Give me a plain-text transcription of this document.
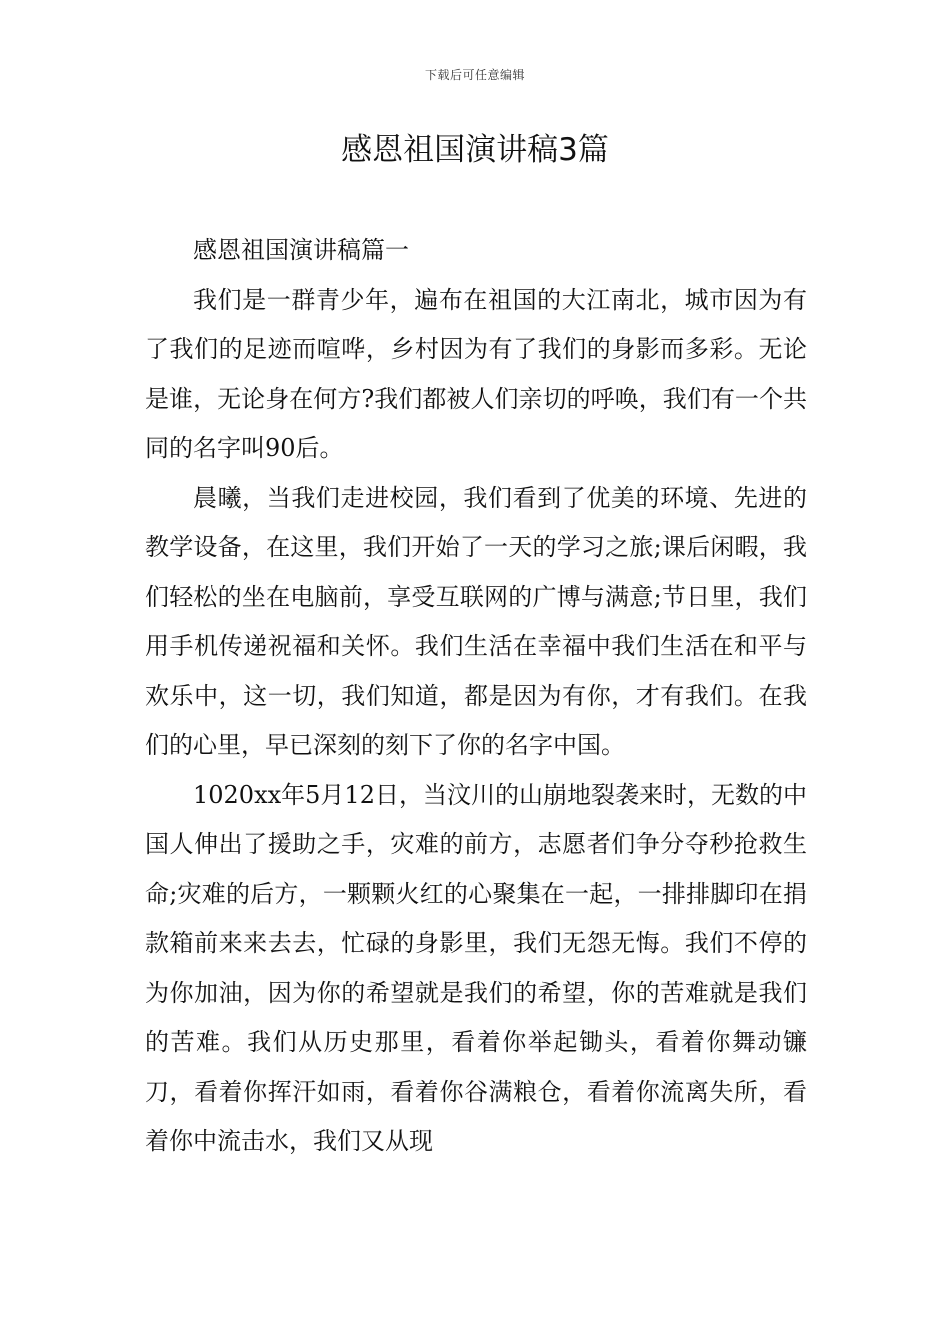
下载后可任意编辑
感恩祖国演讲稿3篇

感恩祖国演讲稿篇一

我们是一群青少年，遍布在祖国的大江南北，城市因为有了我们的足迹而喧哗，乡村因为有了我们的身影而多彩。无论是谁，无论身在何方?我们都被人们亲切的呼唤，我们有一个共同的名字叫90后。

晨曦，当我们走进校园，我们看到了优美的环境、先进的教学设备，在这里，我们开始了一天的学习之旅;课后闲暇，我们轻松的坐在电脑前，享受互联网的广博与满意;节日里，我们用手机传递祝福和关怀。我们生活在幸福中我们生活在和平与欢乐中，这一切，我们知道，都是因为有你，才有我们。在我们的心里，早已深刻的刻下了你的名字中国。

1020xx年5月12日，当汶川的山崩地裂袭来时，无数的中国人伸出了援助之手，灾难的前方，志愿者们争分夺秒抢救生命;灾难的后方，一颗颗火红的心聚集在一起，一排排脚印在捐款箱前来来去去，忙碌的身影里，我们无怨无悔。我们不停的为你加油，因为你的希望就是我们的希望，你的苦难就是我们的苦难。我们从历史那里，看着你举起锄头，看着你舞动镰刀，看着你挥汗如雨，看着你谷满粮仓，看着你流离失所，看着你中流击水，我们又从现
